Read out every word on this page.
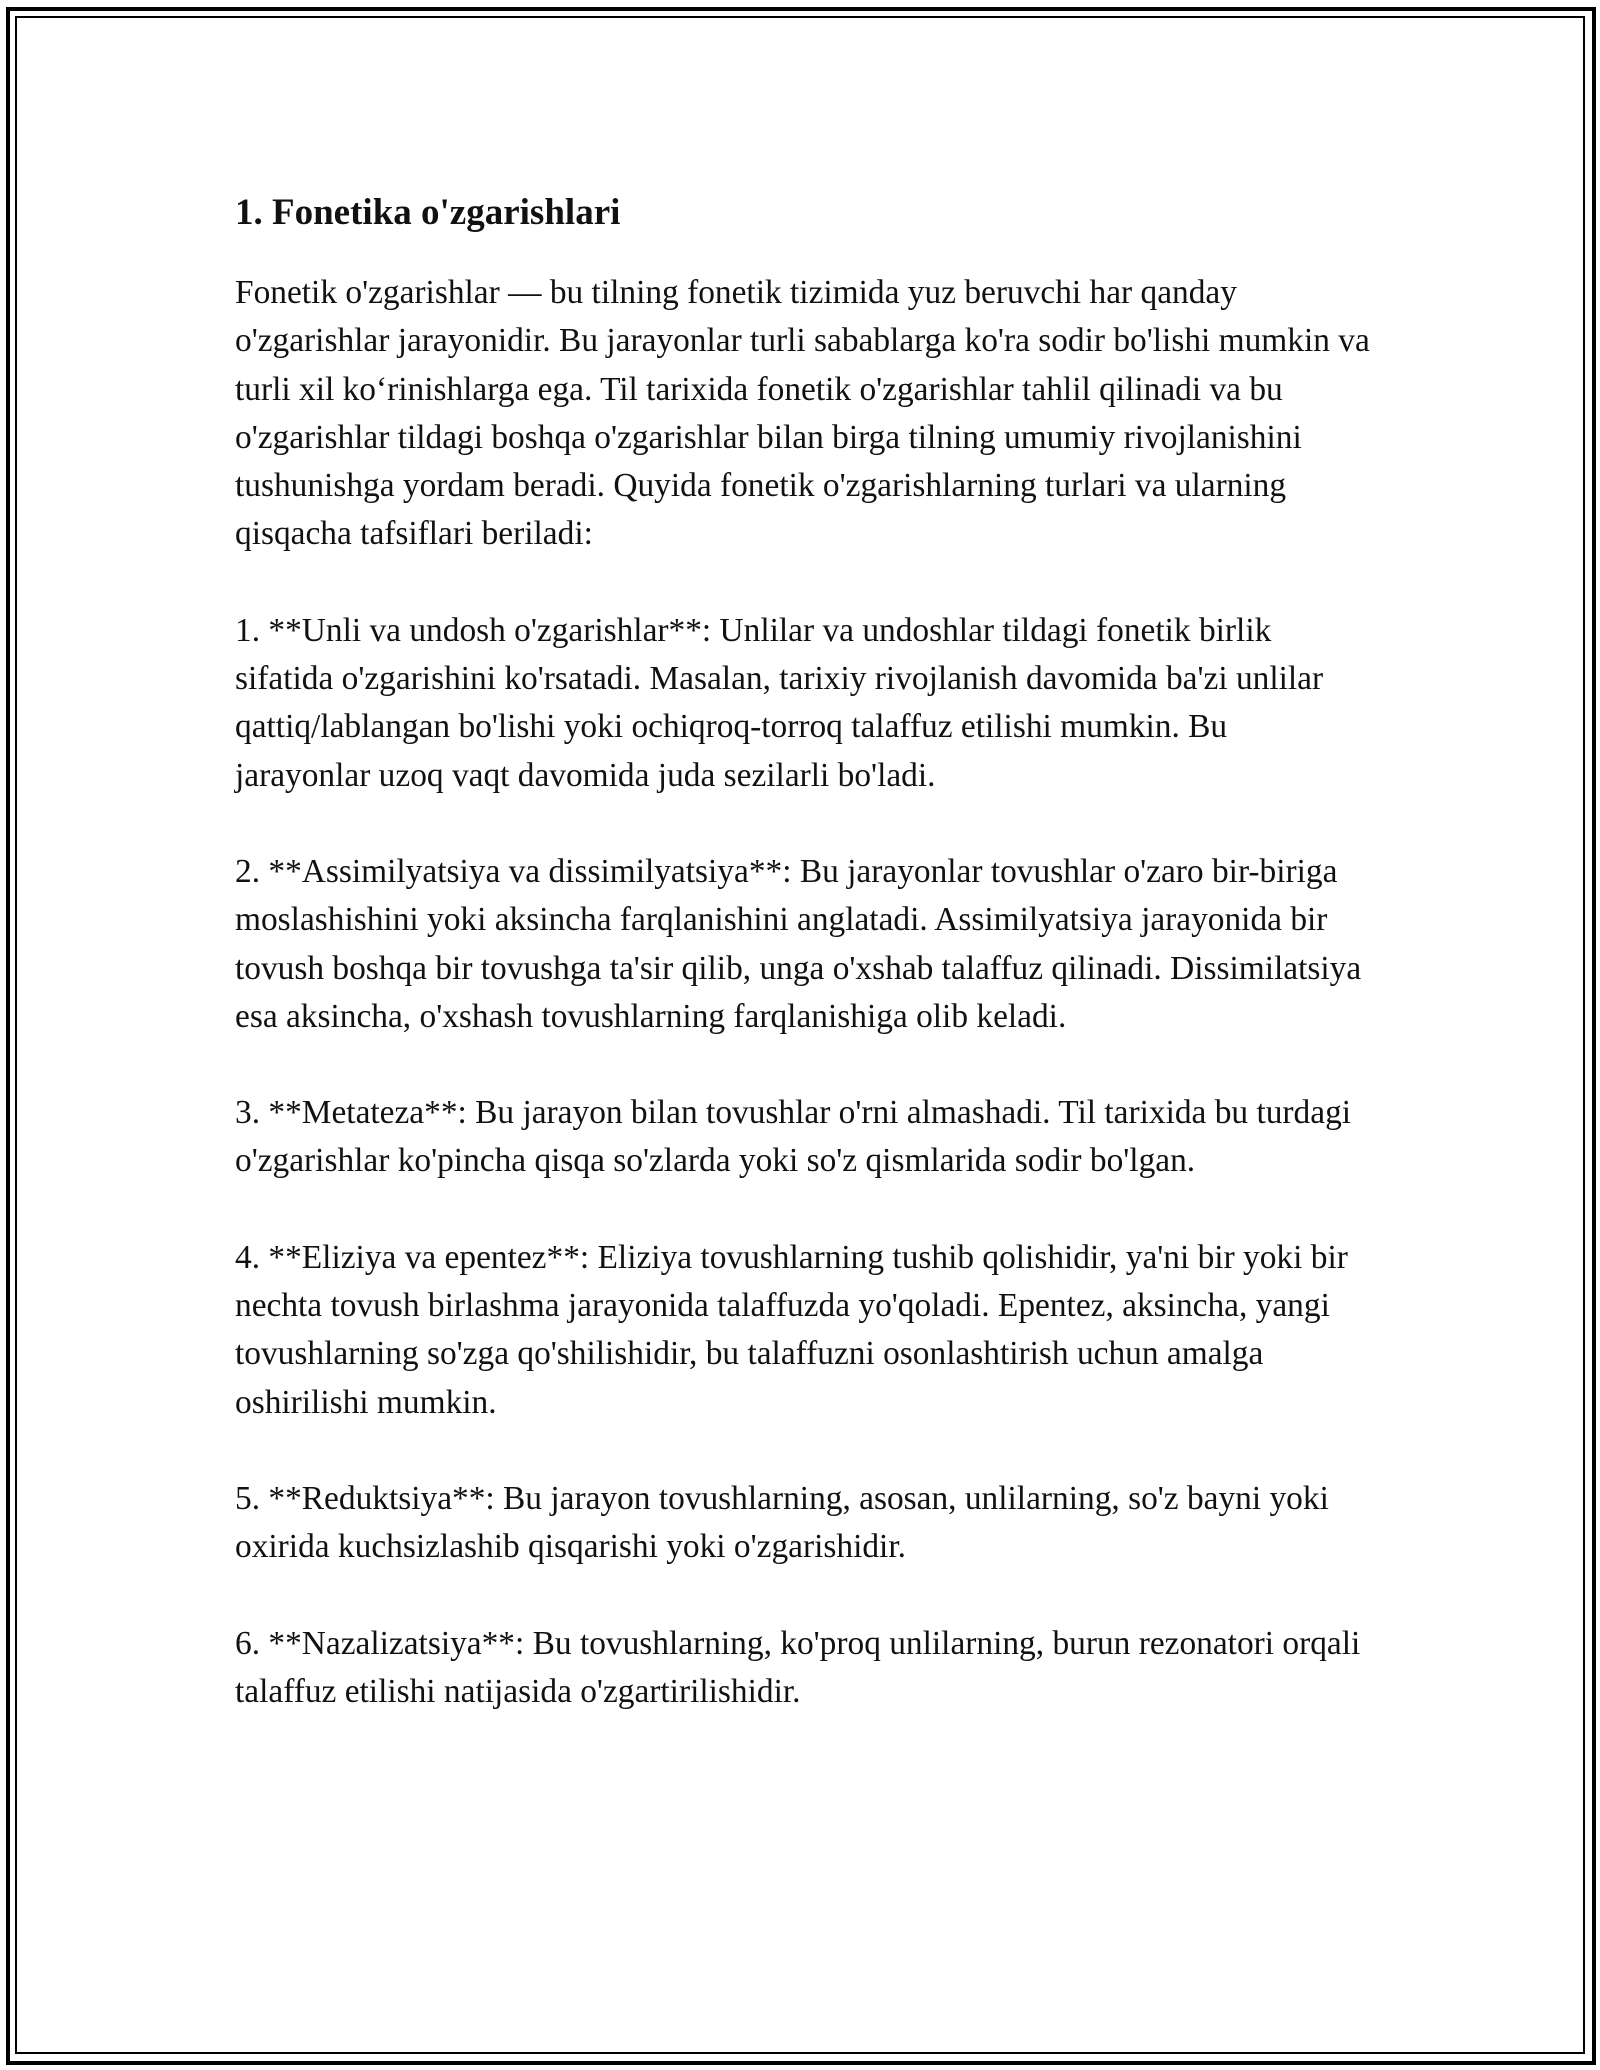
1. Fonetika o'zgarishlari

Fonetik o'zgarishlar — bu tilning fonetik tizimida yuz beruvchi har qanday o'zgarishlar jarayonidir. Bu jarayonlar turli sabablarga ko'ra sodir bo'lishi mumkin va turli xil koʻrinishlarga ega. Til tarixida fonetik o'zgarishlar tahlil qilinadi va bu o'zgarishlar tildagi boshqa o'zgarishlar bilan birga tilning umumiy rivojlanishini tushunishga yordam beradi. Quyida fonetik o'zgarishlarning turlari va ularning qisqacha tafsiflari beriladi:

1. **Unli va undosh o'zgarishlar**: Unlilar va undoshlar tildagi fonetik birlik sifatida o'zgarishini ko'rsatadi. Masalan, tarixiy rivojlanish davomida ba'zi unlilar qattiq/lablangan bo'lishi yoki ochiqroq-torroq talaffuz etilishi mumkin. Bu jarayonlar uzoq vaqt davomida juda sezilarli bo'ladi.

2. **Assimilyatsiya va dissimilyatsiya**: Bu jarayonlar tovushlar o'zaro bir-biriga moslashishini yoki aksincha farqlanishini anglatadi. Assimilyatsiya jarayonida bir tovush boshqa bir tovushga ta'sir qilib, unga o'xshab talaffuz qilinadi. Dissimilatsiya esa aksincha, o'xshash tovushlarning farqlanishiga olib keladi.

3. **Metateza**: Bu jarayon bilan tovushlar o'rni almashadi. Til tarixida bu turdagi o'zgarishlar ko'pincha qisqa so'zlarda yoki so'z qismlarida sodir bo'lgan.

4. **Eliziya va epentez**: Eliziya tovushlarning tushib qolishidir, ya'ni bir yoki bir nechta tovush birlashma jarayonida talaffuzda yo'qoladi. Epentez, aksincha, yangi tovushlarning so'zga qo'shilishidir, bu talaffuzni osonlashtirish uchun amalga oshirilishi mumkin.

5. **Reduktsiya**: Bu jarayon tovushlarning, asosan, unlilarning, so'z bayni yoki oxirida kuchsizlashib qisqarishi yoki o'zgarishidir.

6. **Nazalizatsiya**: Bu tovushlarning, ko'proq unlilarning, burun rezonatori orqali talaffuz etilishi natijasida o'zgartirilishidir.
